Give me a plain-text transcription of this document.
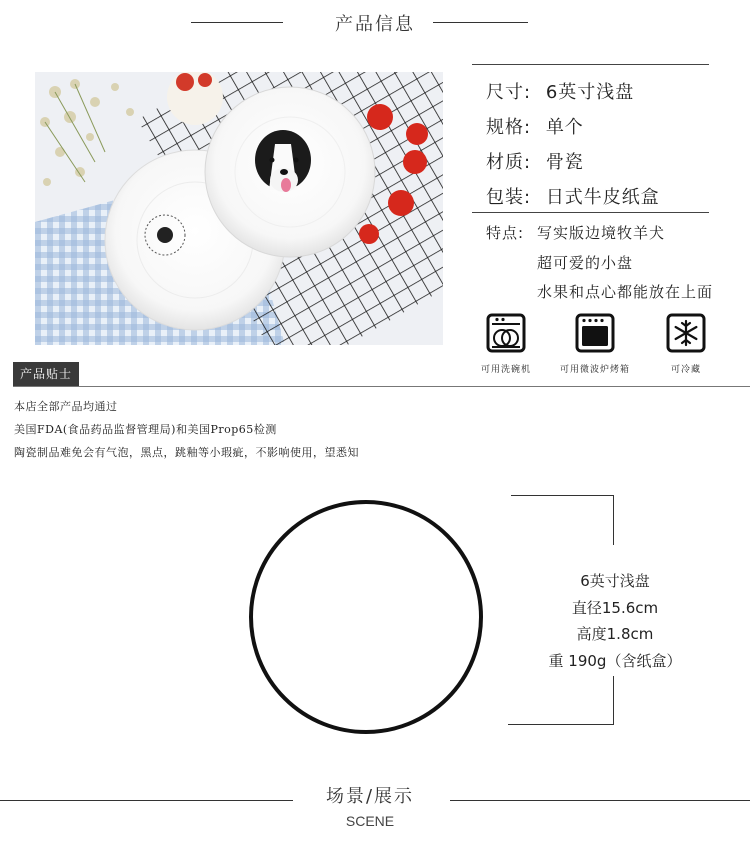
产品信息
尺寸: 6英寸浅盘
规格: 单个
材质: 骨瓷
包装: 日式牛皮纸盒
特点: 写实版边境牧羊犬
超可爱的小盘
水果和点心都能放在上面
可用洗碗机	可用微波炉烤箱	可冷藏
产品贴士
本店全部产品均通过
美国FDA(食品药品监督管理局)和美国Prop65检测
陶瓷制品难免会有气泡，黑点，跳釉等小瑕疵，不影响使用，望悉知
6英寸浅盘
直径15.6cm
高度1.8cm
重 190g（含纸盒）
场景/展示
SCENE
